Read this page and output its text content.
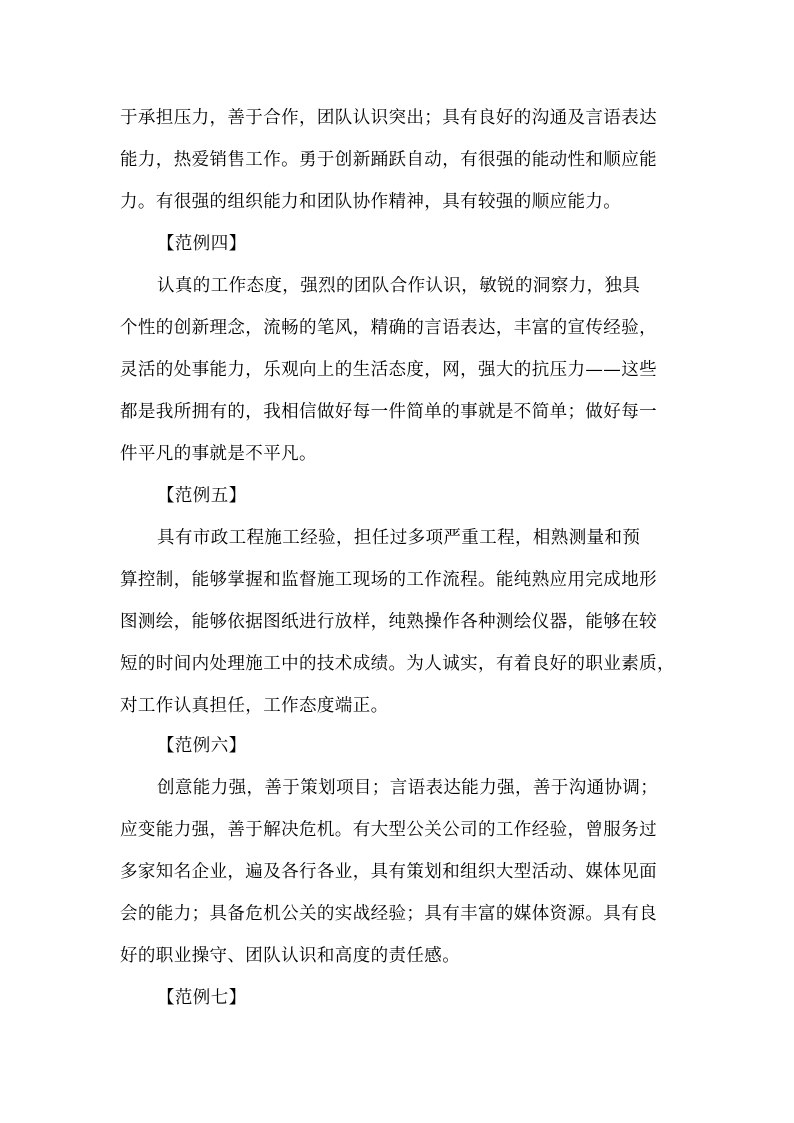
于承担压力，善于合作，团队认识突出；具有良好的沟通及言语表达
能力，热爱销售工作。勇于创新踊跃自动，有很强的能动性和顺应能
力。有很强的组织能力和团队协作精神，具有较强的顺应能力。
【范例四】
认真的工作态度，强烈的团队合作认识，敏锐的洞察力，独具
个性的创新理念，流畅的笔风，精确的言语表达，丰富的宣传经验，
灵活的处事能力，乐观向上的生活态度，网，强大的抗压力——这些
都是我所拥有的，我相信做好每一件简单的事就是不简单；做好每一
件平凡的事就是不平凡。
【范例五】
具有市政工程施工经验，担任过多项严重工程，相熟测量和预
算控制，能够掌握和监督施工现场的工作流程。能纯熟应用完成地形
图测绘，能够依据图纸进行放样，纯熟操作各种测绘仪器，能够在较
短的时间内处理施工中的技术成绩。为人诚实，有着良好的职业素质，
对工作认真担任，工作态度端正。
【范例六】
创意能力强，善于策划项目；言语表达能力强，善于沟通协调；
应变能力强，善于解决危机。有大型公关公司的工作经验，曾服务过
多家知名企业，遍及各行各业，具有策划和组织大型活动、媒体见面
会的能力；具备危机公关的实战经验；具有丰富的媒体资源。具有良
好的职业操守、团队认识和高度的责任感。
【范例七】
